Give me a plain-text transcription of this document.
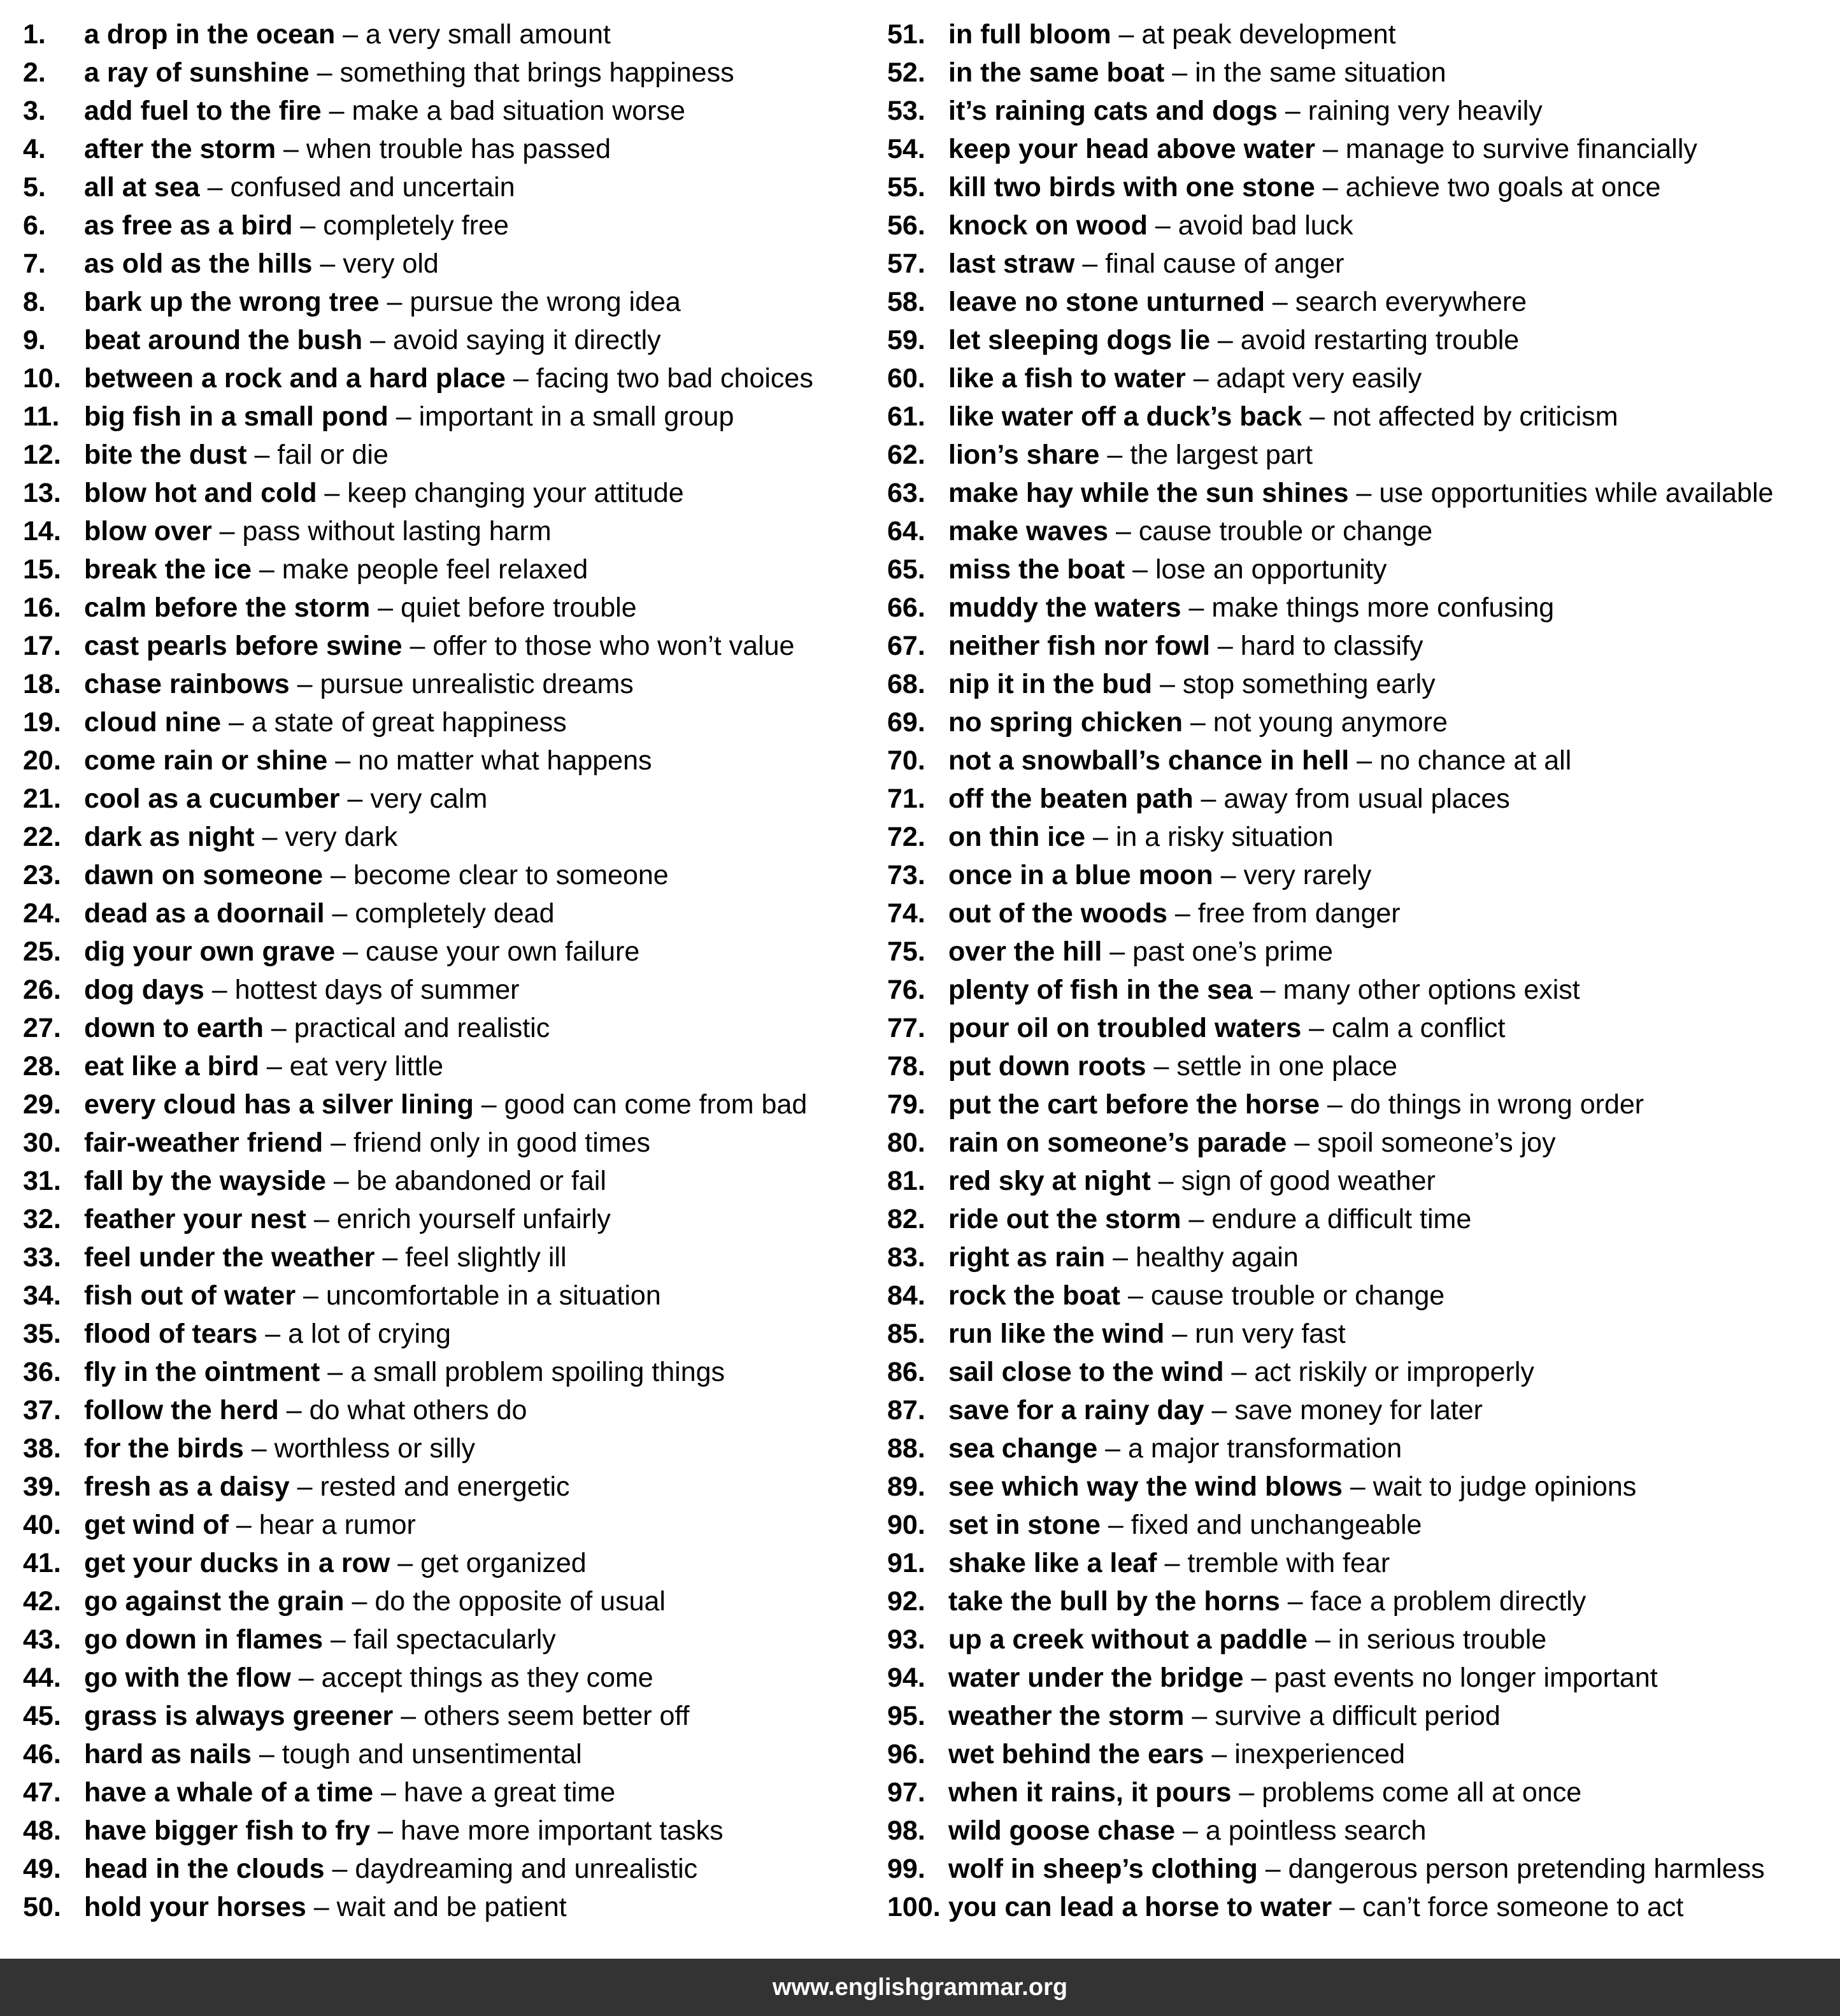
1. a drop in the ocean – a very small amount
2. a ray of sunshine – something that brings happiness
3. add fuel to the fire – make a bad situation worse
4. after the storm – when trouble has passed
5. all at sea – confused and uncertain
6. as free as a bird – completely free
7. as old as the hills – very old
8. bark up the wrong tree – pursue the wrong idea
9. beat around the bush – avoid saying it directly
10. between a rock and a hard place – facing two bad choices
11. big fish in a small pond – important in a small group
12. bite the dust – fail or die
13. blow hot and cold – keep changing your attitude
14. blow over – pass without lasting harm
15. break the ice – make people feel relaxed
16. calm before the storm – quiet before trouble
17. cast pearls before swine – offer to those who won’t value
18. chase rainbows – pursue unrealistic dreams
19. cloud nine – a state of great happiness
20. come rain or shine – no matter what happens
21. cool as a cucumber – very calm
22. dark as night – very dark
23. dawn on someone – become clear to someone
24. dead as a doornail – completely dead
25. dig your own grave – cause your own failure
26. dog days – hottest days of summer
27. down to earth – practical and realistic
28. eat like a bird – eat very little
29. every cloud has a silver lining – good can come from bad
30. fair-weather friend – friend only in good times
31. fall by the wayside – be abandoned or fail
32. feather your nest – enrich yourself unfairly
33. feel under the weather – feel slightly ill
34. fish out of water – uncomfortable in a situation
35. flood of tears – a lot of crying
36. fly in the ointment – a small problem spoiling things
37. follow the herd – do what others do
38. for the birds – worthless or silly
39. fresh as a daisy – rested and energetic
40. get wind of – hear a rumor
41. get your ducks in a row – get organized
42. go against the grain – do the opposite of usual
43. go down in flames – fail spectacularly
44. go with the flow – accept things as they come
45. grass is always greener – others seem better off
46. hard as nails – tough and unsentimental
47. have a whale of a time – have a great time
48. have bigger fish to fry – have more important tasks
49. head in the clouds – daydreaming and unrealistic
50. hold your horses – wait and be patient
51. in full bloom – at peak development
52. in the same boat – in the same situation
53. it’s raining cats and dogs – raining very heavily
54. keep your head above water – manage to survive financially
55. kill two birds with one stone – achieve two goals at once
56. knock on wood – avoid bad luck
57. last straw – final cause of anger
58. leave no stone unturned – search everywhere
59. let sleeping dogs lie – avoid restarting trouble
60. like a fish to water – adapt very easily
61. like water off a duck’s back – not affected by criticism
62. lion’s share – the largest part
63. make hay while the sun shines – use opportunities while available
64. make waves – cause trouble or change
65. miss the boat – lose an opportunity
66. muddy the waters – make things more confusing
67. neither fish nor fowl – hard to classify
68. nip it in the bud – stop something early
69. no spring chicken – not young anymore
70. not a snowball’s chance in hell – no chance at all
71. off the beaten path – away from usual places
72. on thin ice – in a risky situation
73. once in a blue moon – very rarely
74. out of the woods – free from danger
75. over the hill – past one’s prime
76. plenty of fish in the sea – many other options exist
77. pour oil on troubled waters – calm a conflict
78. put down roots – settle in one place
79. put the cart before the horse – do things in wrong order
80. rain on someone’s parade – spoil someone’s joy
81. red sky at night – sign of good weather
82. ride out the storm – endure a difficult time
83. right as rain – healthy again
84. rock the boat – cause trouble or change
85. run like the wind – run very fast
86. sail close to the wind – act riskily or improperly
87. save for a rainy day – save money for later
88. sea change – a major transformation
89. see which way the wind blows – wait to judge opinions
90. set in stone – fixed and unchangeable
91. shake like a leaf – tremble with fear
92. take the bull by the horns – face a problem directly
93. up a creek without a paddle – in serious trouble
94. water under the bridge – past events no longer important
95. weather the storm – survive a difficult period
96. wet behind the ears – inexperienced
97. when it rains, it pours – problems come all at once
98. wild goose chase – a pointless search
99. wolf in sheep’s clothing – dangerous person pretending harmless
100. you can lead a horse to water – can’t force someone to act
www.englishgrammar.org
